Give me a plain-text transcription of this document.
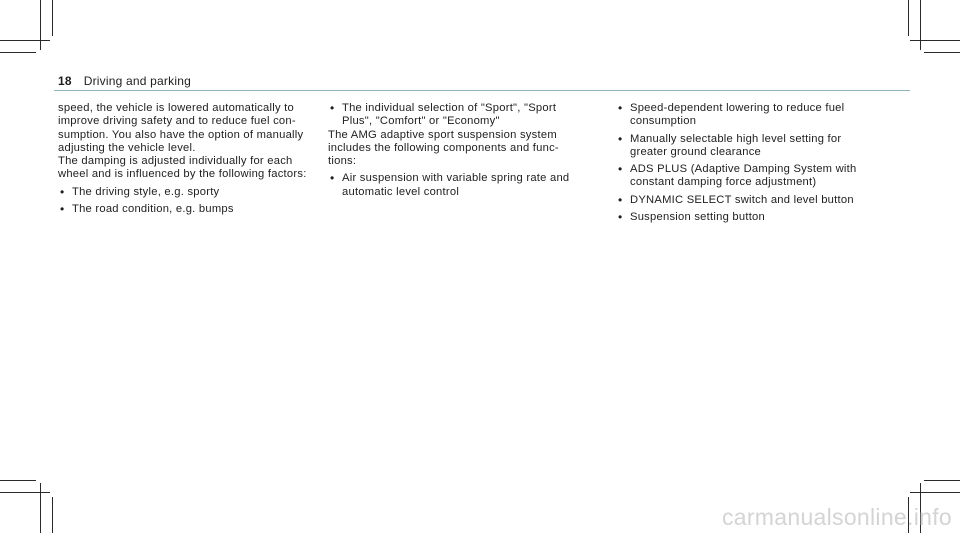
18 Driving and parking

speed, the vehicle is lowered automatically to
improve driving safety and to reduce fuel con-
sumption. You also have the option of manually
adjusting the vehicle level.

The damping is adjusted individually for each
wheel and is influenced by the following factors:

• The driving style, e.g. sporty
• The road condition, e.g. bumps
• The individual selection of "Sport", "Sport
Plus", "Comfort" or "Economy"

The AMG adaptive sport suspension system
includes the following components and func-
tions:

• Air suspension with variable spring rate and
automatic level control
• Speed-dependent lowering to reduce fuel
consumption
• Manually selectable high level setting for
greater ground clearance
• ADS PLUS (Adaptive Damping System with
constant damping force adjustment)
• DYNAMIC SELECT switch and level button
• Suspension setting button
carmanualsonline.info
